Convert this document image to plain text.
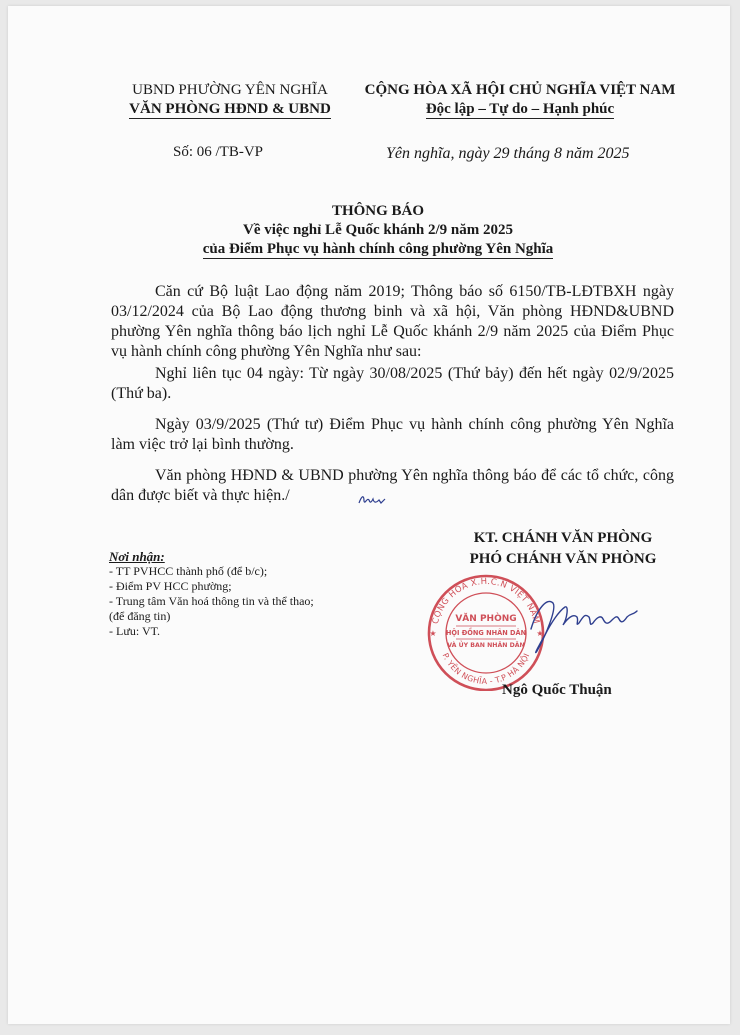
UBND PHƯỜNG YÊN NGHĨA
VĂN PHÒNG HĐND & UBND
CỘNG HÒA XÃ HỘI CHỦ NGHĨA VIỆT NAM
Độc lập – Tự do – Hạnh phúc
Số: 06 /TB-VP	Yên nghĩa, ngày 29 tháng 8 năm 2025
THÔNG BÁO
Về việc nghỉ Lễ Quốc khánh 2/9 năm 2025
của Điểm Phục vụ hành chính công phường Yên Nghĩa
Căn cứ Bộ luật Lao động năm 2019; Thông báo số 6150/TB-LĐTBXH ngày 03/12/2024 của Bộ Lao động thương binh và xã hội, Văn phòng HĐND&UBND phường Yên nghĩa thông báo lịch nghỉ Lễ Quốc khánh 2/9 năm 2025 của Điểm Phục vụ hành chính công phường Yên Nghĩa như sau:
Nghỉ liên tục 04 ngày: Từ ngày 30/08/2025 (Thứ bảy) đến hết ngày 02/9/2025 (Thứ ba).
Ngày 03/9/2025 (Thứ tư) Điểm Phục vụ hành chính công phường Yên Nghĩa làm việc trở lại bình thường.
Văn phòng HĐND & UBND phường Yên nghĩa thông báo để các tổ chức, công dân được biết và thực hiện./
KT. CHÁNH VĂN PHÒNG
PHÓ CHÁNH VĂN PHÒNG
Nơi nhận:
- TT PVHCC thành phố (để b/c);
- Điểm PV HCC phường;
- Trung tâm Văn hoá thông tin và thể thao; (để đăng tin)
- Lưu: VT.
CỘNG HÒA X.H.C.N VIỆT NAM
P. YÊN NGHĨA - T.P HÀ NỘI
★	★
VĂN PHÒNG
HỘI ĐỒNG NHÂN DÂN
VÀ ỦY BAN NHÂN DÂN
Ngô Quốc Thuận
